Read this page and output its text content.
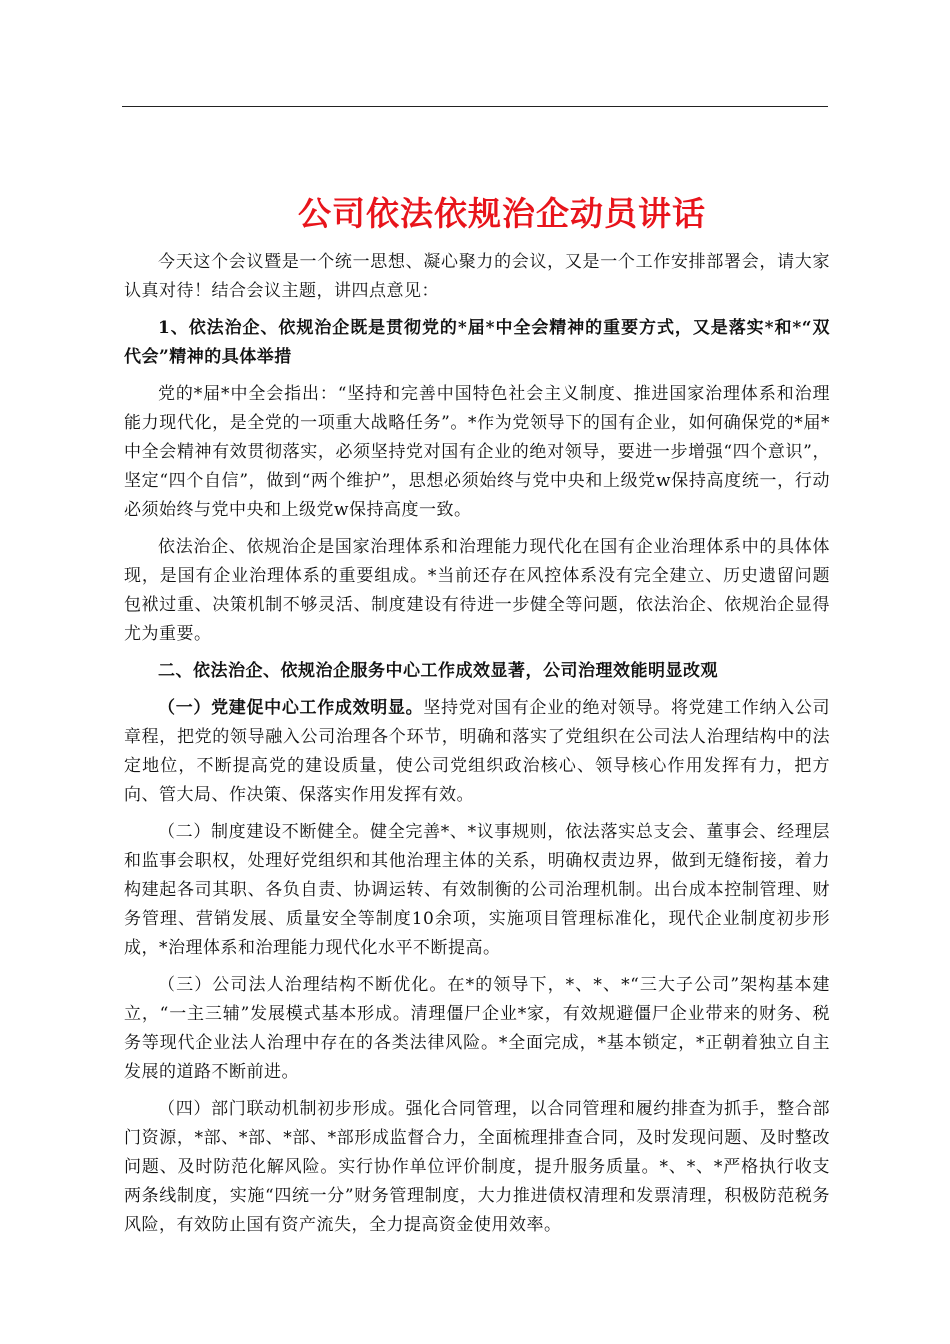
公司依法依规治企动员讲话

今天这个会议暨是一个统一思想、凝心聚力的会议，又是一个工作安排部署会，请大家认真对待！结合会议主题，讲四点意见：

1、依法治企、依规治企既是贯彻党的*届*中全会精神的重要方式，又是落实*和*“双代会”精神的具体举措

党的*届*中全会指出：“坚持和完善中国特色社会主义制度、推进国家治理体系和治理能力现代化，是全党的一项重大战略任务”。*作为党领导下的国有企业，如何确保党的*届*中全会精神有效贯彻落实，必须坚持党对国有企业的绝对领导，要进一步增强“四个意识”，坚定“四个自信”，做到“两个维护”，思想必须始终与党中央和上级党w保持高度统一，行动必须始终与党中央和上级党w保持高度一致。

依法治企、依规治企是国家治理体系和治理能力现代化在国有企业治理体系中的具体体现，是国有企业治理体系的重要组成。*当前还存在风控体系没有完全建立、历史遗留问题包袱过重、决策机制不够灵活、制度建设有待进一步健全等问题，依法治企、依规治企显得尤为重要。

二、依法治企、依规治企服务中心工作成效显著，公司治理效能明显改观

（一）党建促中心工作成效明显。坚持党对国有企业的绝对领导。将党建工作纳入公司章程，把党的领导融入公司治理各个环节，明确和落实了党组织在公司法人治理结构中的法定地位，不断提高党的建设质量，使公司党组织政治核心、领导核心作用发挥有力，把方向、管大局、作决策、保落实作用发挥有效。

（二）制度建设不断健全。健全完善*、*议事规则，依法落实总支会、董事会、经理层和监事会职权，处理好党组织和其他治理主体的关系，明确权责边界，做到无缝衔接，着力构建起各司其职、各负自责、协调运转、有效制衡的公司治理机制。出台成本控制管理、财务管理、营销发展、质量安全等制度10余项，实施项目管理标准化，现代企业制度初步形成，*治理体系和治理能力现代化水平不断提高。

（三）公司法人治理结构不断优化。在*的领导下，*、*、*“三大子公司”架构基本建立，“一主三辅”发展模式基本形成。清理僵尸企业*家，有效规避僵尸企业带来的财务、税务等现代企业法人治理中存在的各类法律风险。*全面完成，*基本锁定，*正朝着独立自主发展的道路不断前进。

（四）部门联动机制初步形成。强化合同管理，以合同管理和履约排查为抓手，整合部门资源，*部、*部、*部、*部形成监督合力，全面梳理排查合同，及时发现问题、及时整改问题、及时防范化解风险。实行协作单位评价制度，提升服务质量。*、*、*严格执行收支两条线制度，实施“四统一分”财务管理制度，大力推进债权清理和发票清理，积极防范税务风险，有效防止国有资产流失，全力提高资金使用效率。
